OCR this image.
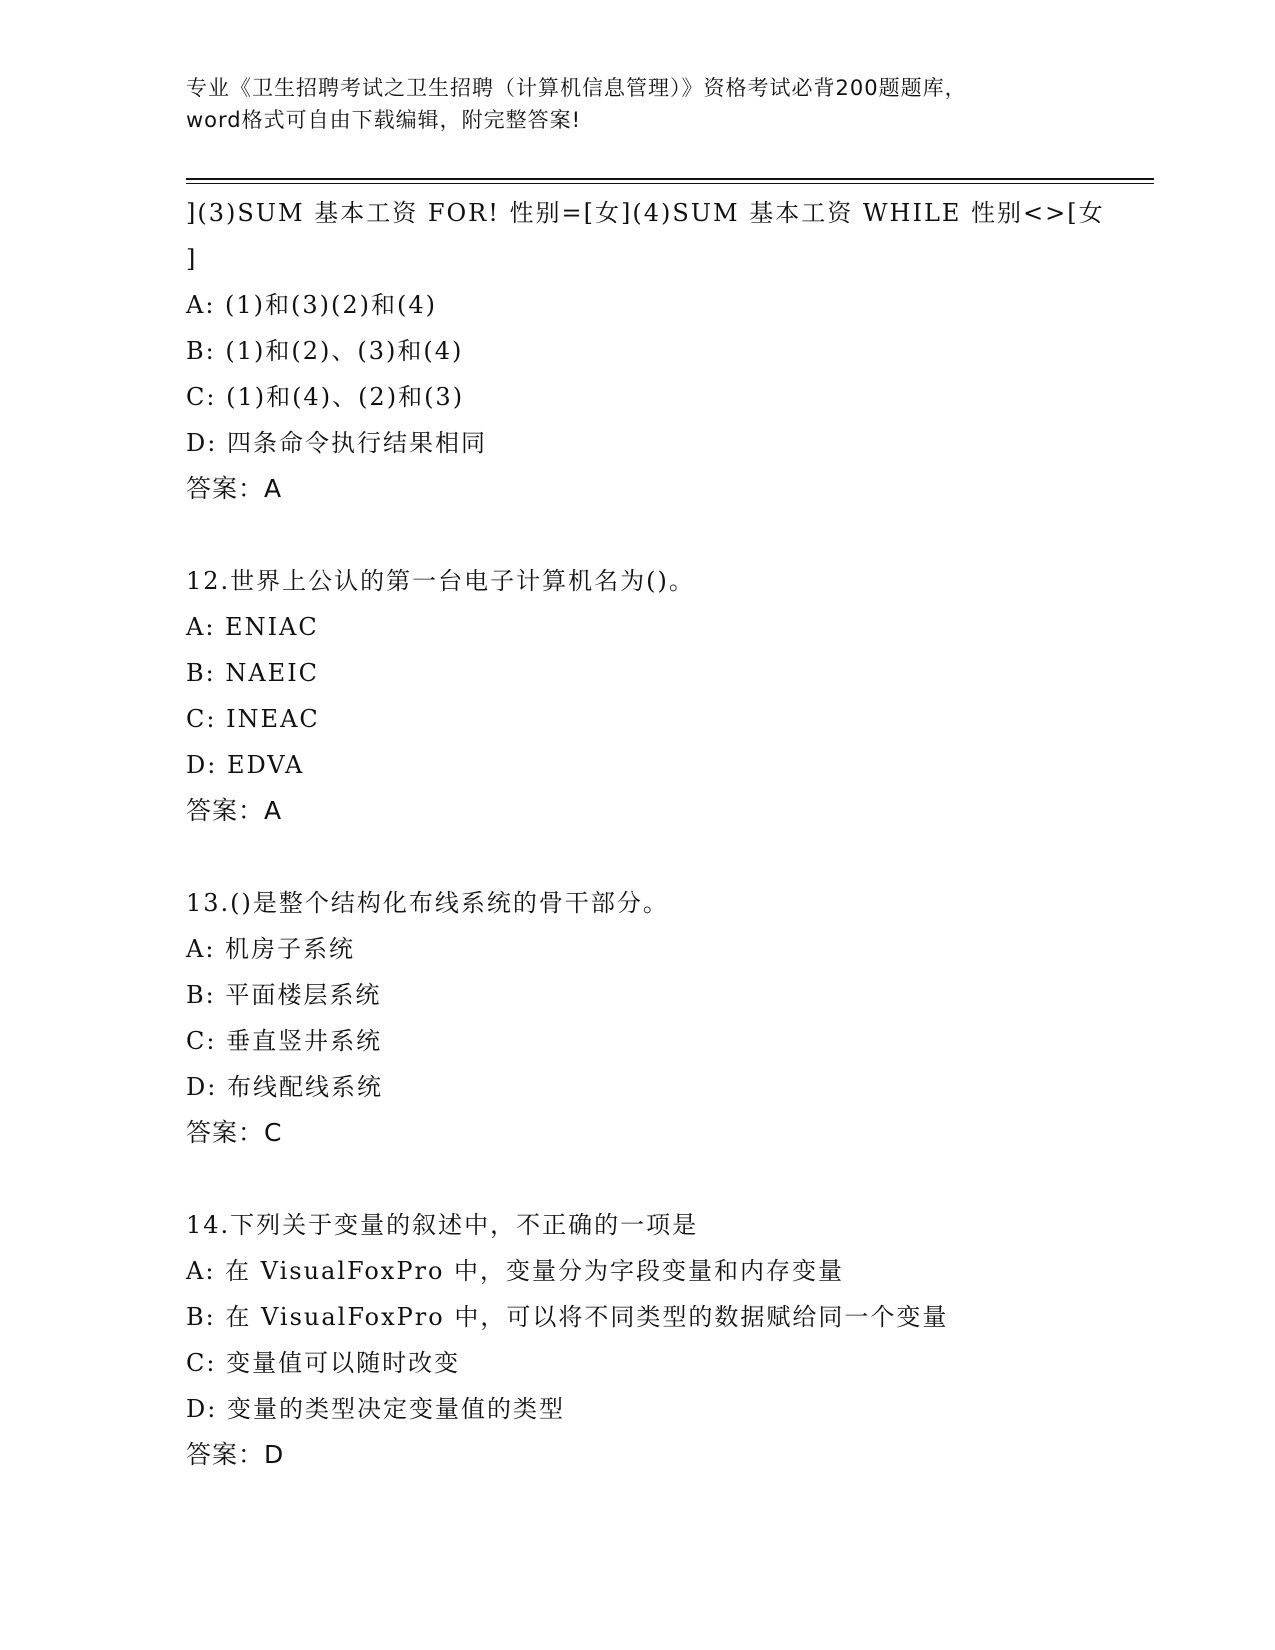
专业《卫生招聘考试之卫生招聘（计算机信息管理）》资格考试必背200题题库，
word格式可自由下载编辑，附完整答案!
](3)SUM 基本工资 FOR! 性别=[女](4)SUM 基本工资 WHILE 性别<>[女
]
A: (1)和(3)(2)和(4)
B: (1)和(2)、(3)和(4)
C: (1)和(4)、(2)和(3)
D: 四条命令执行结果相同
答案：A
12.世界上公认的第一台电子计算机名为()。
A: ENIAC
B: NAEIC
C: INEAC
D: EDVA
答案：A
13.()是整个结构化布线系统的骨干部分。
A: 机房子系统
B: 平面楼层系统
C: 垂直竖井系统
D: 布线配线系统
答案：C
14.下列关于变量的叙述中，不正确的一项是
A: 在 VisualFoxPro 中，变量分为字段变量和内存变量
B: 在 VisualFoxPro 中，可以将不同类型的数据赋给同一个变量
C: 变量值可以随时改变
D: 变量的类型决定变量值的类型
答案：D
